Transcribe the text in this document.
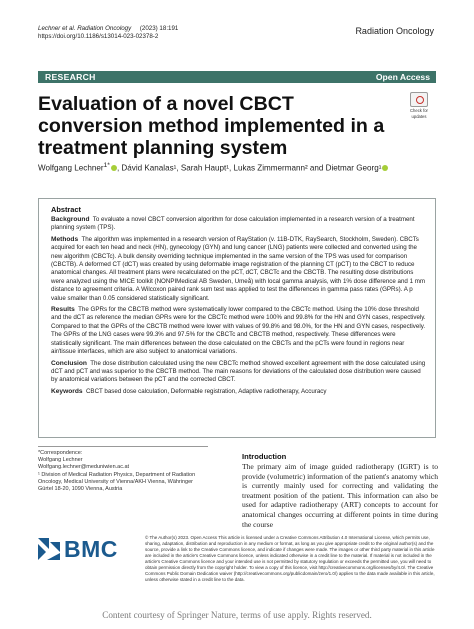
Lechner et al. Radiation Oncology (2023) 18:191
https://doi.org/10.1186/s13014-023-02378-2
Radiation Oncology
RESEARCH	Open Access
Evaluation of a novel CBCT conversion method implemented in a treatment planning system
Check for
updates
Wolfgang Lechner$^{1*}$ , Dávid Kanalas¹, Sarah Haupt¹, Lukas Zimmermann² and Dietmar Georg¹
Abstract

Background To evaluate a novel CBCT conversion algorithm for dose calculation implemented in a research version of a treatment planning system (TPS).

Methods The algorithm was implemented in a research version of RayStation (v. 11B-DTK, RaySearch, Stockholm, Sweden). CBCTs acquired for each ten head and neck (HN), gynecology (GYN) and lung cancer (LNG) patients were collected and converted using the new algorithm (CBCTc). A bulk density overriding technique implemented in the same version of the TPS was used for comparison (CBCTB). A deformed CT (dCT) was created by using deformable image registration of the planning CT (pCT) to the CBCT to reduce anatomical changes. All treatment plans were recalculated on the pCT, dCT, CBCTc and the CBCTB. The resulting dose distributions were analyzed using the MICE toolkit (NONPIMedical AB Sweden, Umeå) with local gamma analysis, with 1% dose difference and 1 mm distance to agreement criteria. A Wilcoxon paired rank sum test was applied to test the differences in gamma pass rates (GPRs). A p value smaller than 0.05 considered statistically significant.

Results The GPRs for the CBCTB method were systematically lower compared to the CBCTc method. Using the 10% dose threshold and the dCT as reference the median GPRs were for the CBCTc method were 100% and 99.8% for the HN and GYN cases, respectively. Compared to that the GPRs of the CBCTB method were lower with values of 99.8% and 98.0%, for the HN and GYN cases, respectively. The GPRs of the LNG cases were 99.3% and 97.5% for the CBCTc and CBCTB method, respectively. These differences were statistically significant. The main differences between the dose calculated on the CBCTs and the pCTs were found in regions near air/tissue interfaces, which are also subject to anatomical variations.

Conclusion The dose distribution calculated using the new CBCTc method showed excellent agreement with the dose calculated using dCT and pCT and was superior to the CBCTB method. The main reasons for deviations of the calculated dose distribution were caused by anatomical variations between the pCT and the corrected CBCT.

Keywords CBCT based dose calculation, Deformable registration, Adaptive radiotherapy, Accuracy

*Correspondence:
Wolfgang Lechner
Wolfgang.lechner@meduniwien.ac.at
¹ Division of Medical Radiation Physics, Department of Radiation Oncology, Medical University of Vienna/AKH Vienna, Währinger Gürtel 18-20, 1090 Vienna, Austria
Introduction
The primary aim of image guided radiotherapy (IGRT) is to provide (volumetric) information of the patient's anatomy which is currently mainly used for correcting and validating the treatment position of the patient. This information can also be used for adaptive radiotherapy (ART) concepts to account for anatomical changes occurring at different points in time during the course
BMC	© The Author(s) 2023. Open Access This article is licensed under a Creative Commons Attribution 4.0 International License, which permits use, sharing, adaptation, distribution and reproduction in any medium or format, as long as you give appropriate credit to the original author(s) and the source, provide a link to the Creative Commons licence, and indicate if changes were made. The images or other third party material in this article are included in the article's Creative Commons licence, unless indicated otherwise in a credit line to the material. If material is not included in the article's Creative Commons licence and your intended use is not permitted by statutory regulation or exceeds the permitted use, you will need to obtain permission directly from the copyright holder. To view a copy of this licence, visit http://creativecommons.org/licenses/by/4.0/. The Creative Commons Public Domain Dedication waiver (http://creativecommons.org/publicdomain/zero/1.0/) applies to the data made available in this article, unless otherwise stated in a credit line to the data.
Content courtesy of Springer Nature, terms of use apply. Rights reserved.
